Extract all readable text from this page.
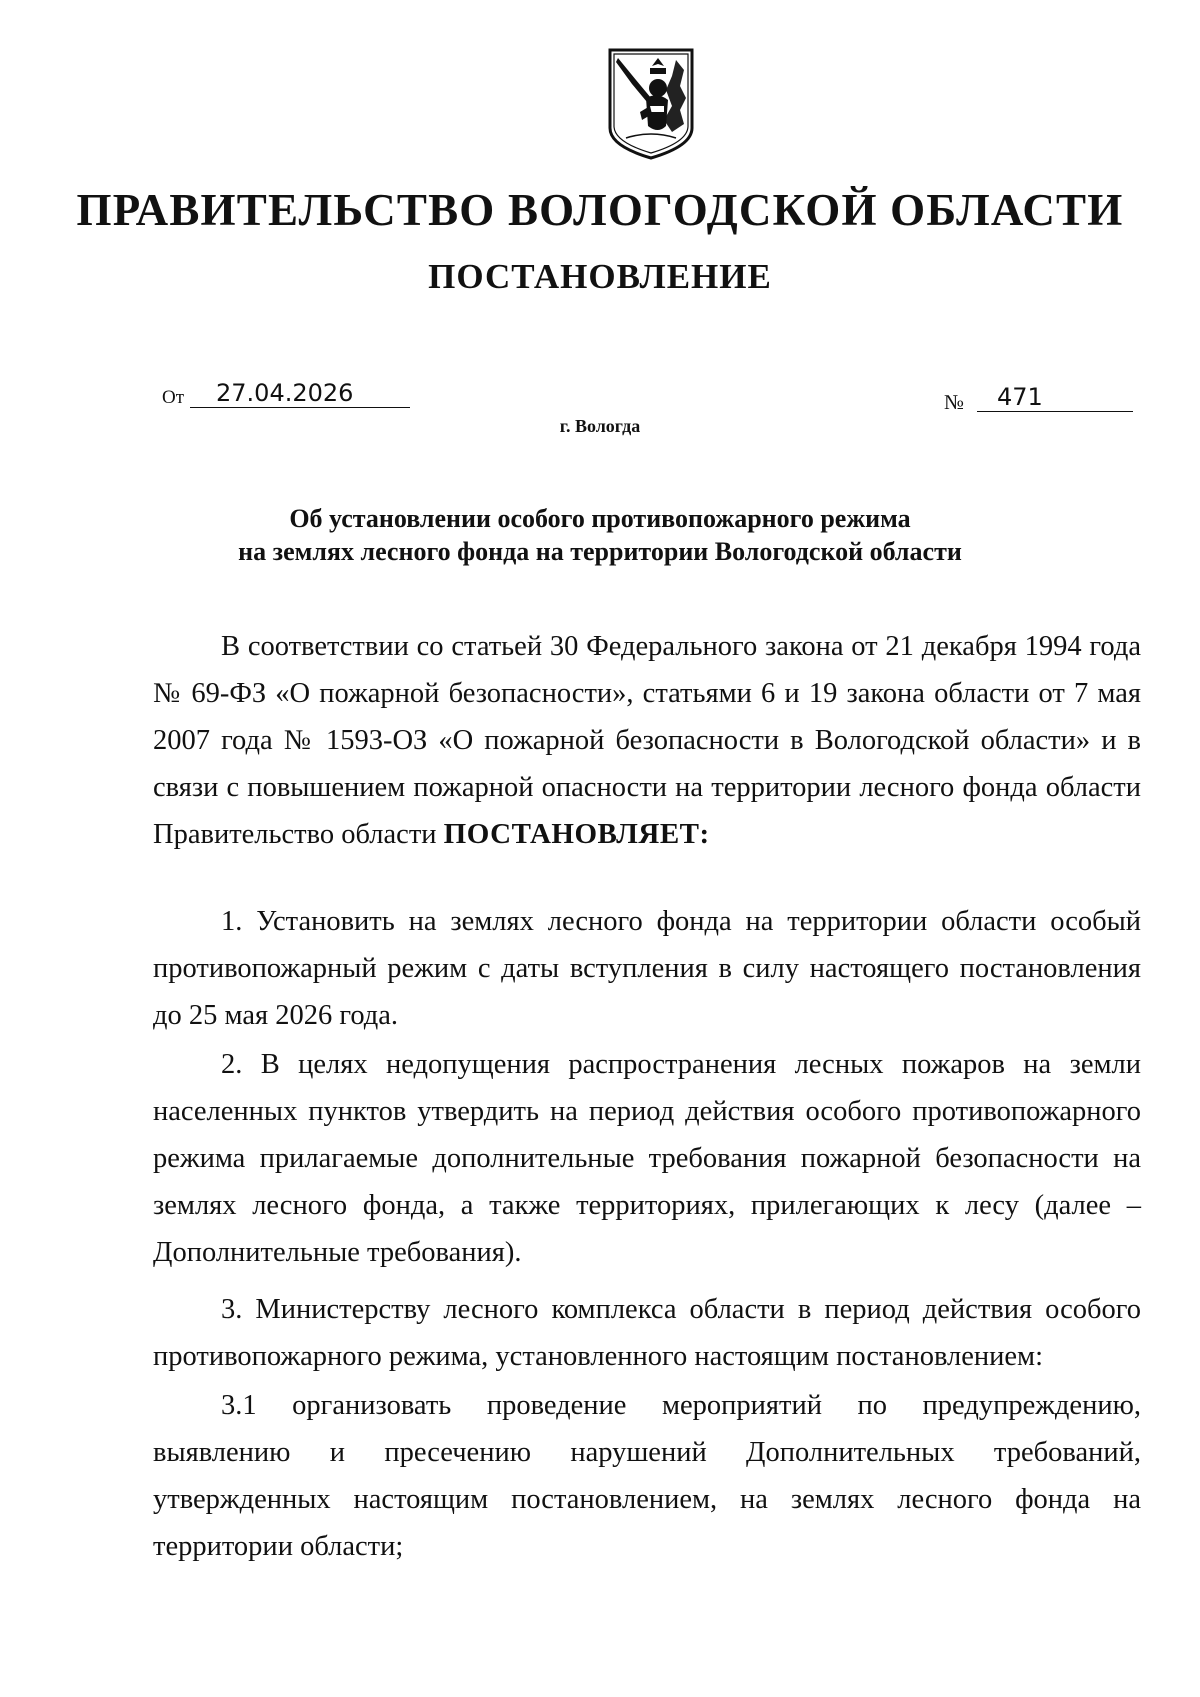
ПРАВИТЕЛЬСТВО ВОЛОГОДСКОЙ ОБЛАСТИ
ПОСТАНОВЛЕНИЕ
От	27.04.2026	№	471
г. Вологда
Об установлении особого противопожарного режима
на землях лесного фонда на территории Вологодской области

В соответствии со статьей 30 Федерального закона от 21 декабря 1994 года № 69-ФЗ «О пожарной безопасности», статьями 6 и 19 закона области от 7 мая 2007 года № 1593-ОЗ «О пожарной безопасности в Вологодской области» и в связи с повышением пожарной опасности на территории лесного фонда области Правительство области ПОСТАНОВЛЯЕТ:

1. Установить на землях лесного фонда на территории области особый противопожарный режим с даты вступления в силу настоящего постановления до 25 мая 2026 года.

2. В целях недопущения распространения лесных пожаров на земли населенных пунктов утвердить на период действия особого противопожарного режима прилагаемые дополнительные требования пожарной безопасности на землях лесного фонда, а также территориях, прилегающих к лесу (далее – Дополнительные требования).

3. Министерству лесного комплекса области в период действия особого противопожарного режима, установленного настоящим постановлением:

3.1 организовать проведение мероприятий по предупреждению, выявлению и пресечению нарушений Дополнительных требований, утвержденных настоящим постановлением, на землях лесного фонда на территории области;
